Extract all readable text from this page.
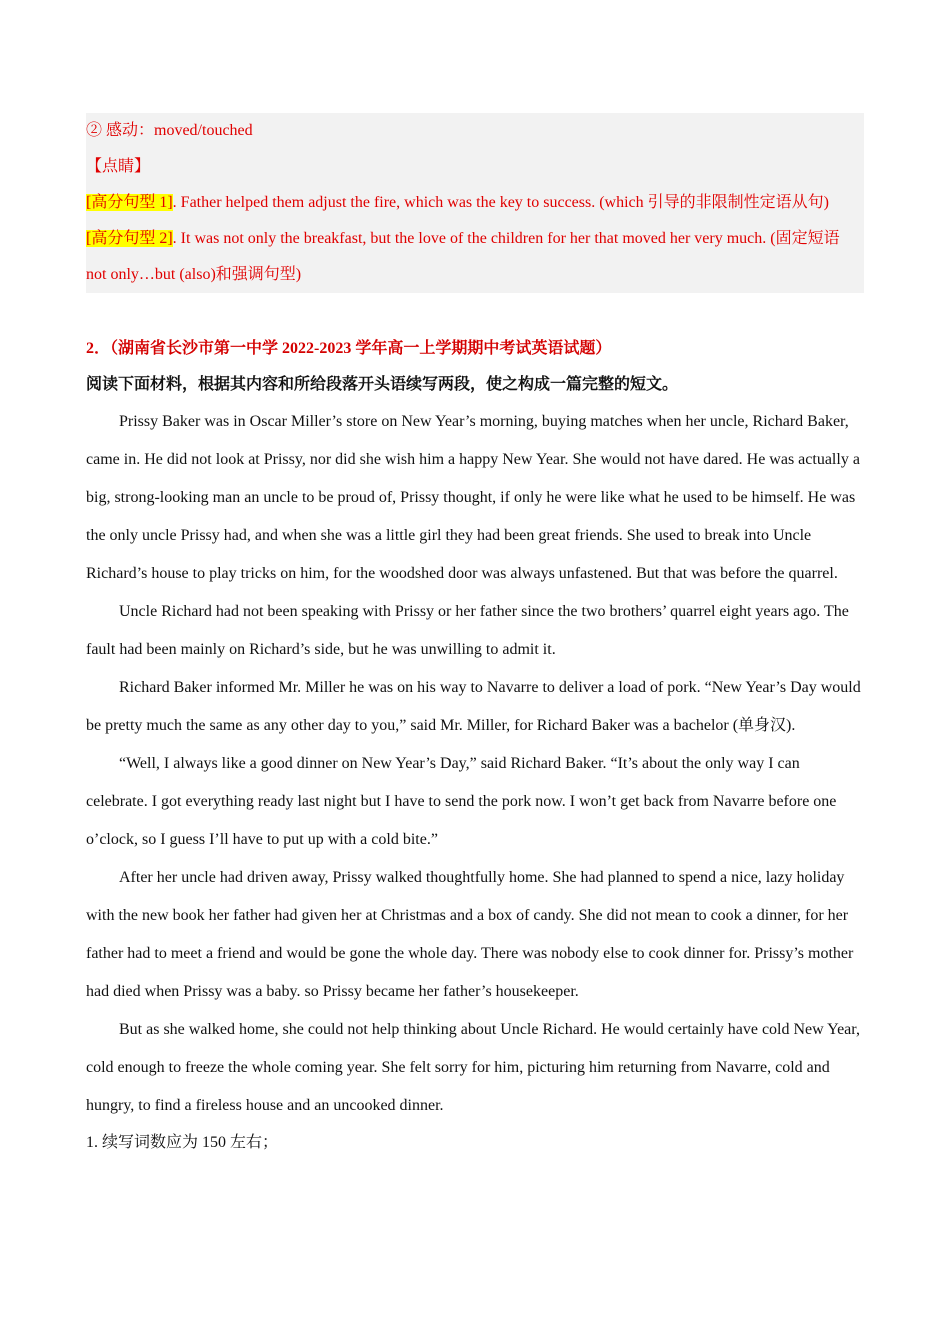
② 感动：moved/touched
【点睛】
[高分句型 1]. Father helped them adjust the fire, which was the key to success. (which 引导的非限制性定语从句)
[高分句型 2]. It was not only the breakfast, but the love of the children for her that moved her very much. (固定短语 not only…but (also)和强调句型)
2．（湖南省长沙市第一中学 2022-2023 学年高一上学期期中考试英语试题）
阅读下面材料，根据其内容和所给段落开头语续写两段，使之构成一篇完整的短文。

Prissy Baker was in Oscar Miller’s store on New Year’s morning, buying matches when her uncle, Richard Baker, came in. He did not look at Prissy, nor did she wish him a happy New Year. She would not have dared. He was actually a big, strong-looking man an uncle to be proud of, Prissy thought, if only he were like what he used to be himself. He was the only uncle Prissy had, and when she was a little girl they had been great friends. She used to break into Uncle Richard’s house to play tricks on him, for the woodshed door was always unfastened. But that was before the quarrel.

Uncle Richard had not been speaking with Prissy or her father since the two brothers’ quarrel eight years ago. The fault had been mainly on Richard’s side, but he was unwilling to admit it.

Richard Baker informed Mr. Miller he was on his way to Navarre to deliver a load of pork. “New Year’s Day would be pretty much the same as any other day to you,” said Mr. Miller, for Richard Baker was a bachelor (单身汉).

“Well, I always like a good dinner on New Year’s Day,” said Richard Baker. “It’s about the only way I can celebrate. I got everything ready last night but I have to send the pork now. I won’t get back from Navarre before one o’clock, so I guess I’ll have to put up with a cold bite.”

After her uncle had driven away, Prissy walked thoughtfully home. She had planned to spend a nice, lazy holiday with the new book her father had given her at Christmas and a box of candy. She did not mean to cook a dinner, for her father had to meet a friend and would be gone the whole day. There was nobody else to cook dinner for. Prissy’s mother had died when Prissy was a baby. so Prissy became her father’s housekeeper.

But as she walked home, she could not help thinking about Uncle Richard. He would certainly have cold New Year, cold enough to freeze the whole coming year. She felt sorry for him, picturing him returning from Navarre, cold and hungry, to find a fireless house and an uncooked dinner.

1. 续写词数应为 150 左右；
